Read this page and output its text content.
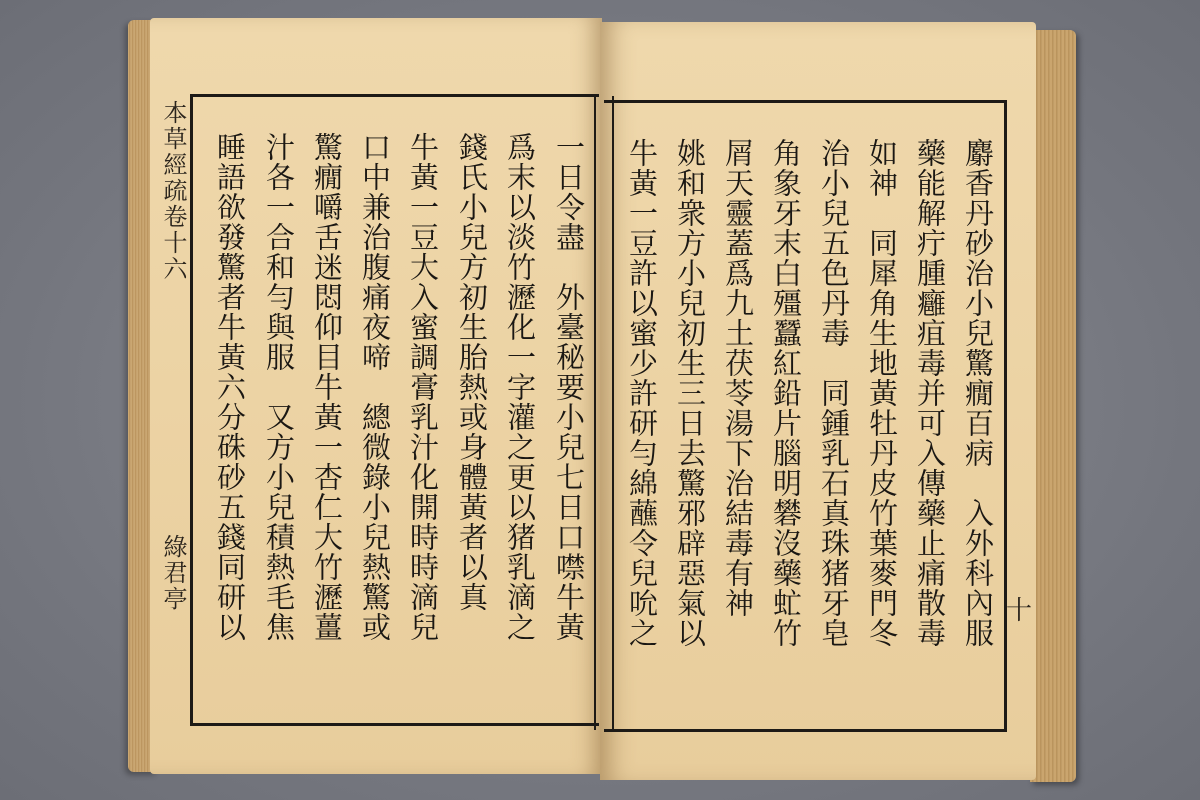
本草經疏卷十六
綠君亭	十
一日令盡　外臺秘要小兒七日口噤牛黃
爲末以淡竹瀝化一字灌之更以猪乳滴之
錢氏小兒方初生胎熱或身體黃者以真
牛黃一豆大入蜜調膏乳汁化開時時滴兒
口中兼治腹痛夜啼　總微錄小兒熱驚或
驚癇嚼舌迷悶仰目牛黃一杏仁大竹瀝薑
汁各一合和勻與服　又方小兒積熱毛焦
睡語欲發驚者牛黃六分硃砂五錢同研以	麝香丹砂治小兒驚癇百病　入外科內服
藥能解疔腫癰疽毒并可入傳藥止痛散毒
如神　同犀角生地黃牡丹皮竹葉麥門冬
治小兒五色丹毒　同鍾乳石真珠猪牙皂
角象牙末白殭蠶紅鉛片腦明礬沒藥虻竹
屑天靈蓋爲九土茯苓湯下治結毒有神
姚和衆方小兒初生三日去驚邪辟惡氣以
牛黃一豆許以蜜少許研勻綿蘸令兒吮之
